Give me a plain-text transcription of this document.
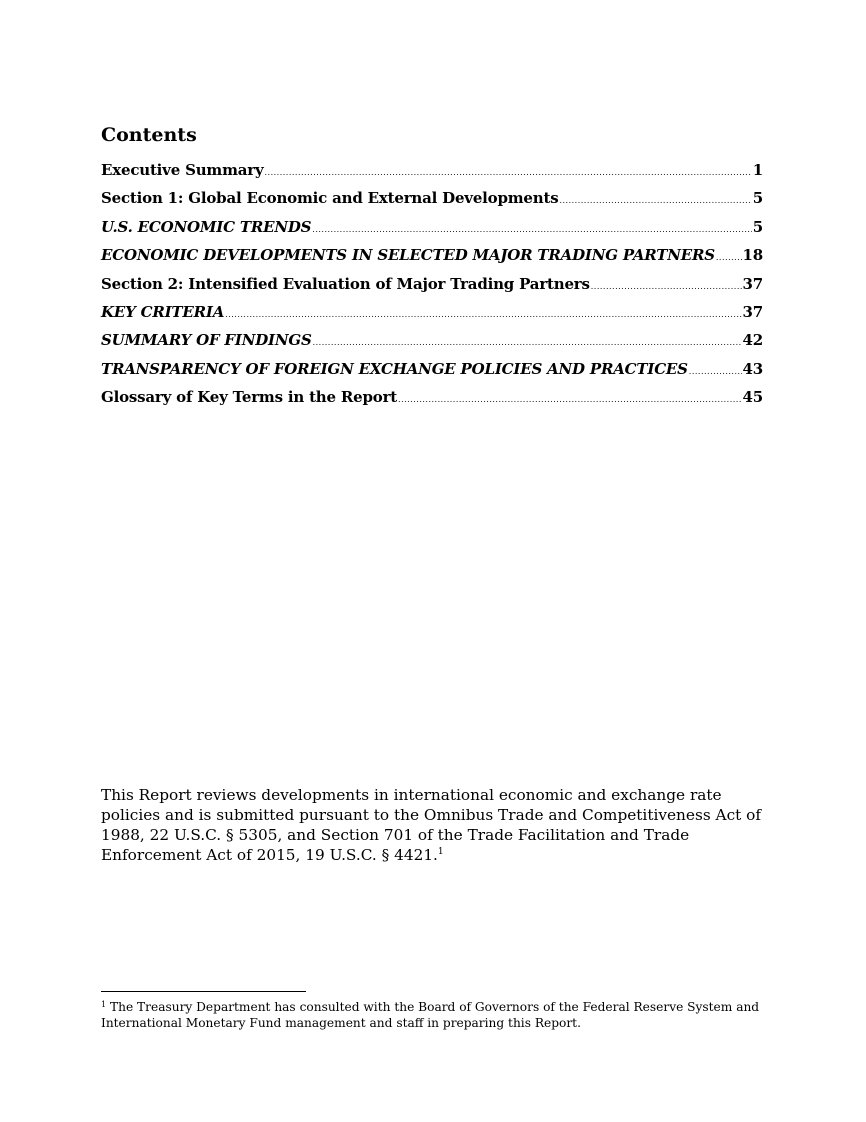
Contents
Executive Summary .....	1
Section 1: Global Economic and External Developments .....	5
U.S. ECONOMIC TRENDS .....	5
ECONOMIC DEVELOPMENTS IN SELECTED MAJOR TRADING PARTNERS ..... 18
Section 2: Intensified Evaluation of Major Trading Partners .....	37
KEY CRITERIA .....	37
SUMMARY OF FINDINGS .....	42
TRANSPARENCY OF FOREIGN EXCHANGE POLICIES AND PRACTICES .....	43
Glossary of Key Terms in the Report .....	45

This Report reviews developments in international economic and exchange rate policies and is submitted pursuant to the Omnibus Trade and Competitiveness Act of 1988, 22 U.S.C. § 5305, and Section 701 of the Trade Facilitation and Trade Enforcement Act of 2015, 19 U.S.C. § 4421.$^1$

$^1$ The Treasury Department has consulted with the Board of Governors of the Federal Reserve System and International Monetary Fund management and staff in preparing this Report.
